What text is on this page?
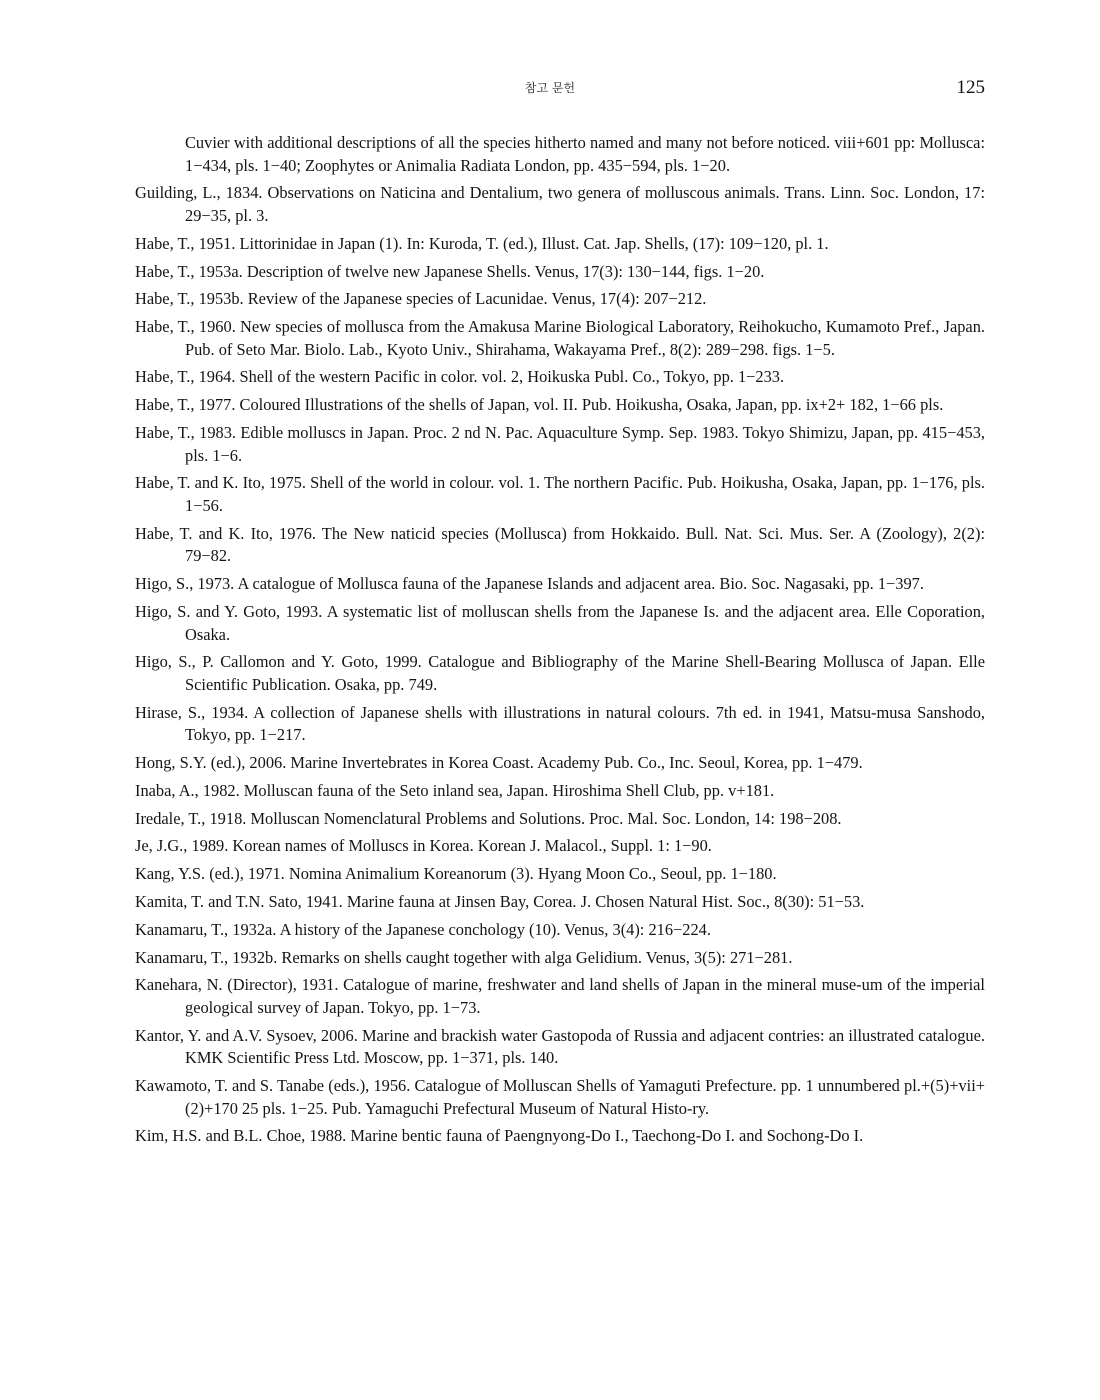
참고 문헌	125

Cuvier with additional descriptions of all the species hitherto named and many not before noticed. viii+601 pp: Mollusca: 1−434, pls. 1−40; Zoophytes or Animalia Radiata London, pp. 435−594, pls. 1−20.

Guilding, L., 1834. Observations on Naticina and Dentalium, two genera of molluscous animals. Trans. Linn. Soc. London, 17: 29−35, pl. 3.

Habe, T., 1951. Littorinidae in Japan (1). In: Kuroda, T. (ed.), Illust. Cat. Jap. Shells, (17): 109−120, pl. 1.

Habe, T., 1953a. Description of twelve new Japanese Shells. Venus, 17(3): 130−144, figs. 1−20.

Habe, T., 1953b. Review of the Japanese species of Lacunidae. Venus, 17(4): 207−212.

Habe, T., 1960. New species of mollusca from the Amakusa Marine Biological Laboratory, Reihokucho, Kumamoto Pref., Japan. Pub. of Seto Mar. Biolo. Lab., Kyoto Univ., Shirahama, Wakayama Pref., 8(2): 289−298. figs. 1−5.

Habe, T., 1964. Shell of the western Pacific in color. vol. 2, Hoikuska Publ. Co., Tokyo, pp. 1−233.

Habe, T., 1977. Coloured Illustrations of the shells of Japan, vol. II. Pub. Hoikusha, Osaka, Japan, pp. ix+2+ 182, 1−66 pls.

Habe, T., 1983. Edible molluscs in Japan. Proc. 2 nd N. Pac. Aquaculture Symp. Sep. 1983. Tokyo Shimizu, Japan, pp. 415−453, pls. 1−6.

Habe, T. and K. Ito, 1975. Shell of the world in colour. vol. 1. The northern Pacific. Pub. Hoikusha, Osaka, Japan, pp. 1−176, pls. 1−56.

Habe, T. and K. Ito, 1976. The New naticid species (Mollusca) from Hokkaido. Bull. Nat. Sci. Mus. Ser. A (Zoology), 2(2): 79−82.

Higo, S., 1973. A catalogue of Mollusca fauna of the Japanese Islands and adjacent area. Bio. Soc. Nagasaki, pp. 1−397.

Higo, S. and Y. Goto, 1993. A systematic list of molluscan shells from the Japanese Is. and the adjacent area. Elle Coporation, Osaka.

Higo, S., P. Callomon and Y. Goto, 1999. Catalogue and Bibliography of the Marine Shell-Bearing Mollusca of Japan. Elle Scientific Publication. Osaka, pp. 749.

Hirase, S., 1934. A collection of Japanese shells with illustrations in natural colours. 7th ed. in 1941, Matsu-musa Sanshodo, Tokyo, pp. 1−217.

Hong, S.Y. (ed.), 2006. Marine Invertebrates in Korea Coast. Academy Pub. Co., Inc. Seoul, Korea, pp. 1−479.

Inaba, A., 1982. Molluscan fauna of the Seto inland sea, Japan. Hiroshima Shell Club, pp. v+181.

Iredale, T., 1918. Molluscan Nomenclatural Problems and Solutions. Proc. Mal. Soc. London, 14: 198−208.

Je, J.G., 1989. Korean names of Molluscs in Korea. Korean J. Malacol., Suppl. 1: 1−90.

Kang, Y.S. (ed.), 1971. Nomina Animalium Koreanorum (3). Hyang Moon Co., Seoul, pp. 1−180.

Kamita, T. and T.N. Sato, 1941. Marine fauna at Jinsen Bay, Corea. J. Chosen Natural Hist. Soc., 8(30): 51−53.

Kanamaru, T., 1932a. A history of the Japanese conchology (10). Venus, 3(4): 216−224.

Kanamaru, T., 1932b. Remarks on shells caught together with alga Gelidium. Venus, 3(5): 271−281.

Kanehara, N. (Director), 1931. Catalogue of marine, freshwater and land shells of Japan in the mineral muse-um of the imperial geological survey of Japan. Tokyo, pp. 1−73.

Kantor, Y. and A.V. Sysoev, 2006. Marine and brackish water Gastopoda of Russia and adjacent contries: an illustrated catalogue. KMK Scientific Press Ltd. Moscow, pp. 1−371, pls. 140.

Kawamoto, T. and S. Tanabe (eds.), 1956. Catalogue of Molluscan Shells of Yamaguti Prefecture. pp. 1 unnumbered pl.+(5)+vii+(2)+170 25 pls. 1−25. Pub. Yamaguchi Prefectural Museum of Natural Histo-ry.

Kim, H.S. and B.L. Choe, 1988. Marine bentic fauna of Paengnyong-Do I., Taechong-Do I. and Sochong-Do I.
